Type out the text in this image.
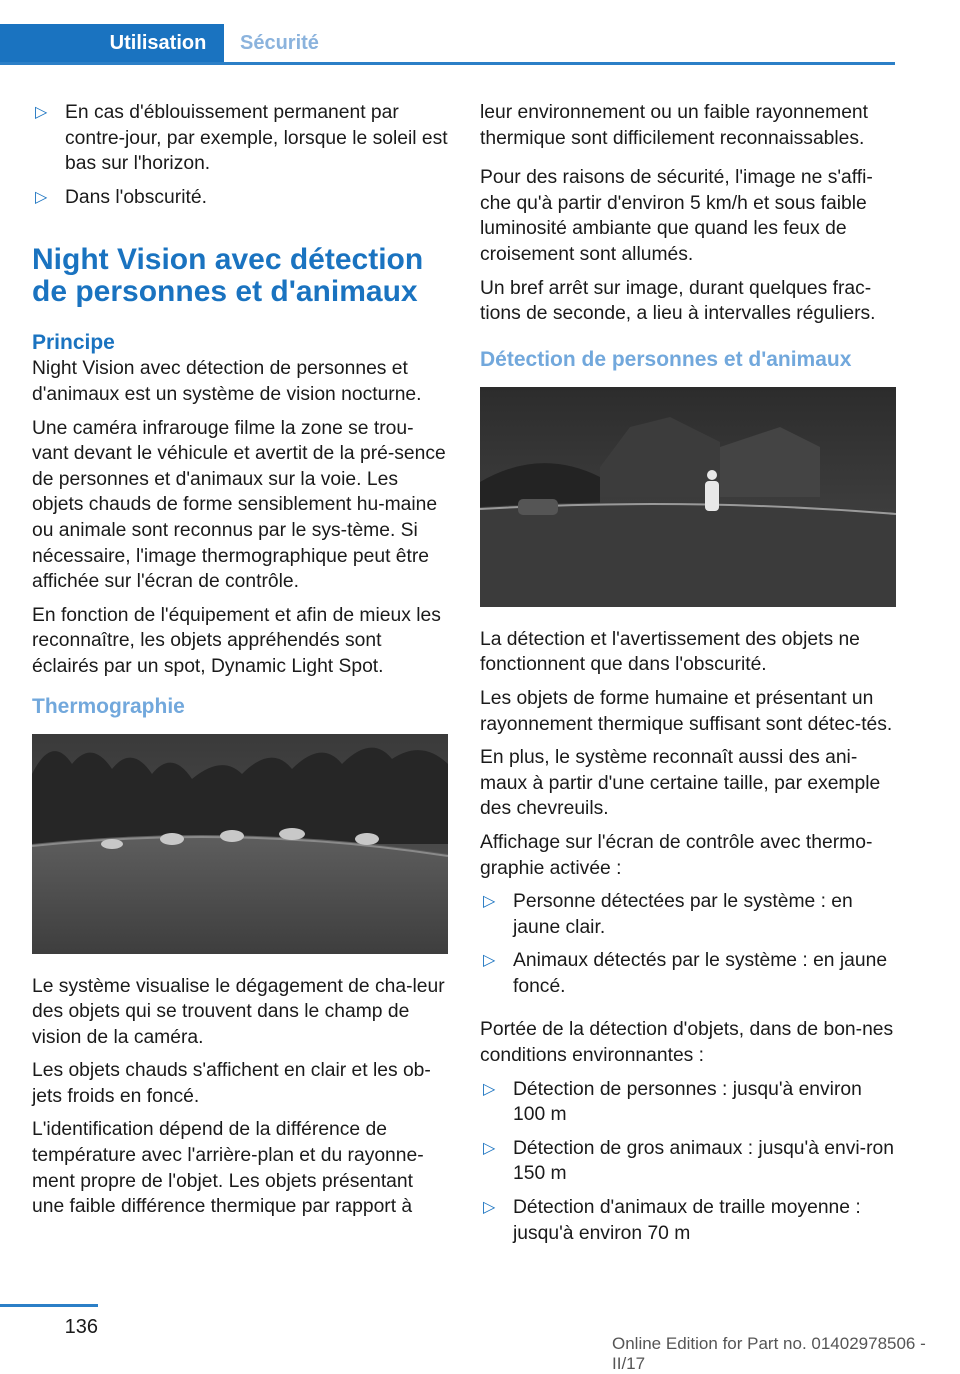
Utilisation	Sécurité
▷ En cas d'éblouissement permanent par contre-jour, par exemple, lorsque le soleil est bas sur l'horizon.
▷ Dans l'obscurité.
Night Vision avec détection de personnes et d'animaux
Principe

Night Vision avec détection de personnes et d'animaux est un système de vision nocturne.

Une caméra infrarouge filme la zone se trou-vant devant le véhicule et avertit de la pré-sence de personnes et d'animaux sur la voie. Les objets chauds de forme sensiblement hu-maine ou animale sont reconnus par le sys-tème. Si nécessaire, l'image thermographique peut être affichée sur l'écran de contrôle.

En fonction de l'équipement et afin de mieux les reconnaître, les objets appréhendés sont éclairés par un spot, Dynamic Light Spot.

Thermographie

Le système visualise le dégagement de cha-leur des objets qui se trouvent dans le champ de vision de la caméra.

Les objets chauds s'affichent en clair et les ob-jets froids en foncé.

L'identification dépend de la différence de température avec l'arrière-plan et du rayonne-ment propre de l'objet. Les objets présentant une faible différence thermique par rapport à

leur environnement ou un faible rayonnement thermique sont difficilement reconnaissables.

Pour des raisons de sécurité, l'image ne s'affi-che qu'à partir d'environ 5 km/h et sous faible luminosité ambiante que quand les feux de croisement sont allumés.

Un bref arrêt sur image, durant quelques frac-tions de seconde, a lieu à intervalles réguliers.

Détection de personnes et d'animaux

La détection et l'avertissement des objets ne fonctionnent que dans l'obscurité.

Les objets de forme humaine et présentant un rayonnement thermique suffisant sont détec-tés.

En plus, le système reconnaît aussi des ani-maux à partir d'une certaine taille, par exemple des chevreuils.

Affichage sur l'écran de contrôle avec thermo-graphie activée :

▷ Personne détectées par le système : en jaune clair.
▷ Animaux détectés par le système : en jaune foncé.

Portée de la détection d'objets, dans de bon-nes conditions environnantes :

▷ Détection de personnes : jusqu'à environ 100 m
▷ Détection de gros animaux : jusqu'à envi-ron 150 m
▷ Détection d'animaux de traille moyenne : jusqu'à environ 70 m
136
Online Edition for Part no. 01402978506 - II/17
